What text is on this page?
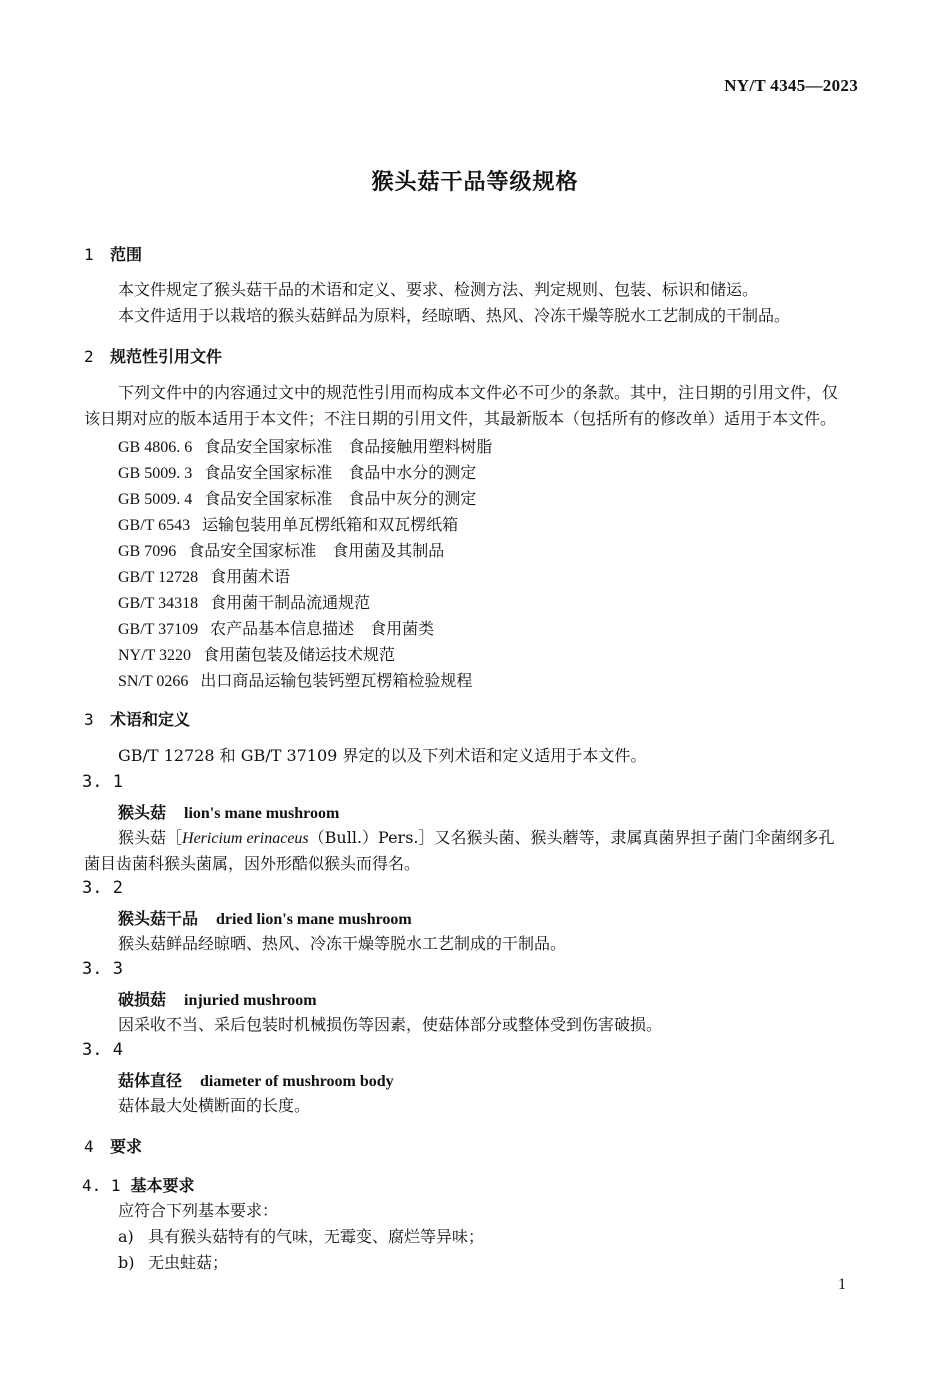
NY/T 4345—2023
猴头菇干品等级规格
1 范围
本文件规定了猴头菇干品的术语和定义、要求、检测方法、判定规则、包装、标识和储运。
本文件适用于以栽培的猴头菇鲜品为原料，经晾晒、热风、冷冻干燥等脱水工艺制成的干制品。
2 规范性引用文件
下列文件中的内容通过文中的规范性引用而构成本文件必不可少的条款。其中，注日期的引用文件，仅
该日期对应的版本适用于本文件；不注日期的引用文件，其最新版本（包括所有的修改单）适用于本文件。
GB 4806. 6 食品安全国家标准　食品接触用塑料树脂
GB 5009. 3 食品安全国家标准　食品中水分的测定
GB 5009. 4 食品安全国家标准　食品中灰分的测定
GB/T 6543 运输包装用单瓦楞纸箱和双瓦楞纸箱
GB 7096 食品安全国家标准　食用菌及其制品
GB/T 12728 食用菌术语
GB/T 34318 食用菌干制品流通规范
GB/T 37109 农产品基本信息描述　食用菌类
NY/T 3220 食用菌包装及储运技术规范
SN/T 0266 出口商品运输包装钙塑瓦楞箱检验规程
3 术语和定义
GB/T 12728 和 GB/T 37109 界定的以及下列术语和定义适用于本文件。
3. 1
猴头菇 lion's mane mushroom
猴头菇［Hericium erinaceus（Bull.）Pers.］又名猴头菌、猴头蘑等，隶属真菌界担子菌门伞菌纲多孔
菌目齿菌科猴头菌属，因外形酷似猴头而得名。
3. 2
猴头菇干品 dried lion's mane mushroom
猴头菇鲜品经晾晒、热风、冷冻干燥等脱水工艺制成的干制品。
3. 3
破损菇 injuried mushroom
因采收不当、采后包装时机械损伤等因素，使菇体部分或整体受到伤害破损。
3. 4
菇体直径 diameter of mushroom body
菇体最大处横断面的长度。
4 要求
4. 1 基本要求
应符合下列基本要求：
a) 具有猴头菇特有的气味，无霉变、腐烂等异味；
b) 无虫蛀菇；
1
